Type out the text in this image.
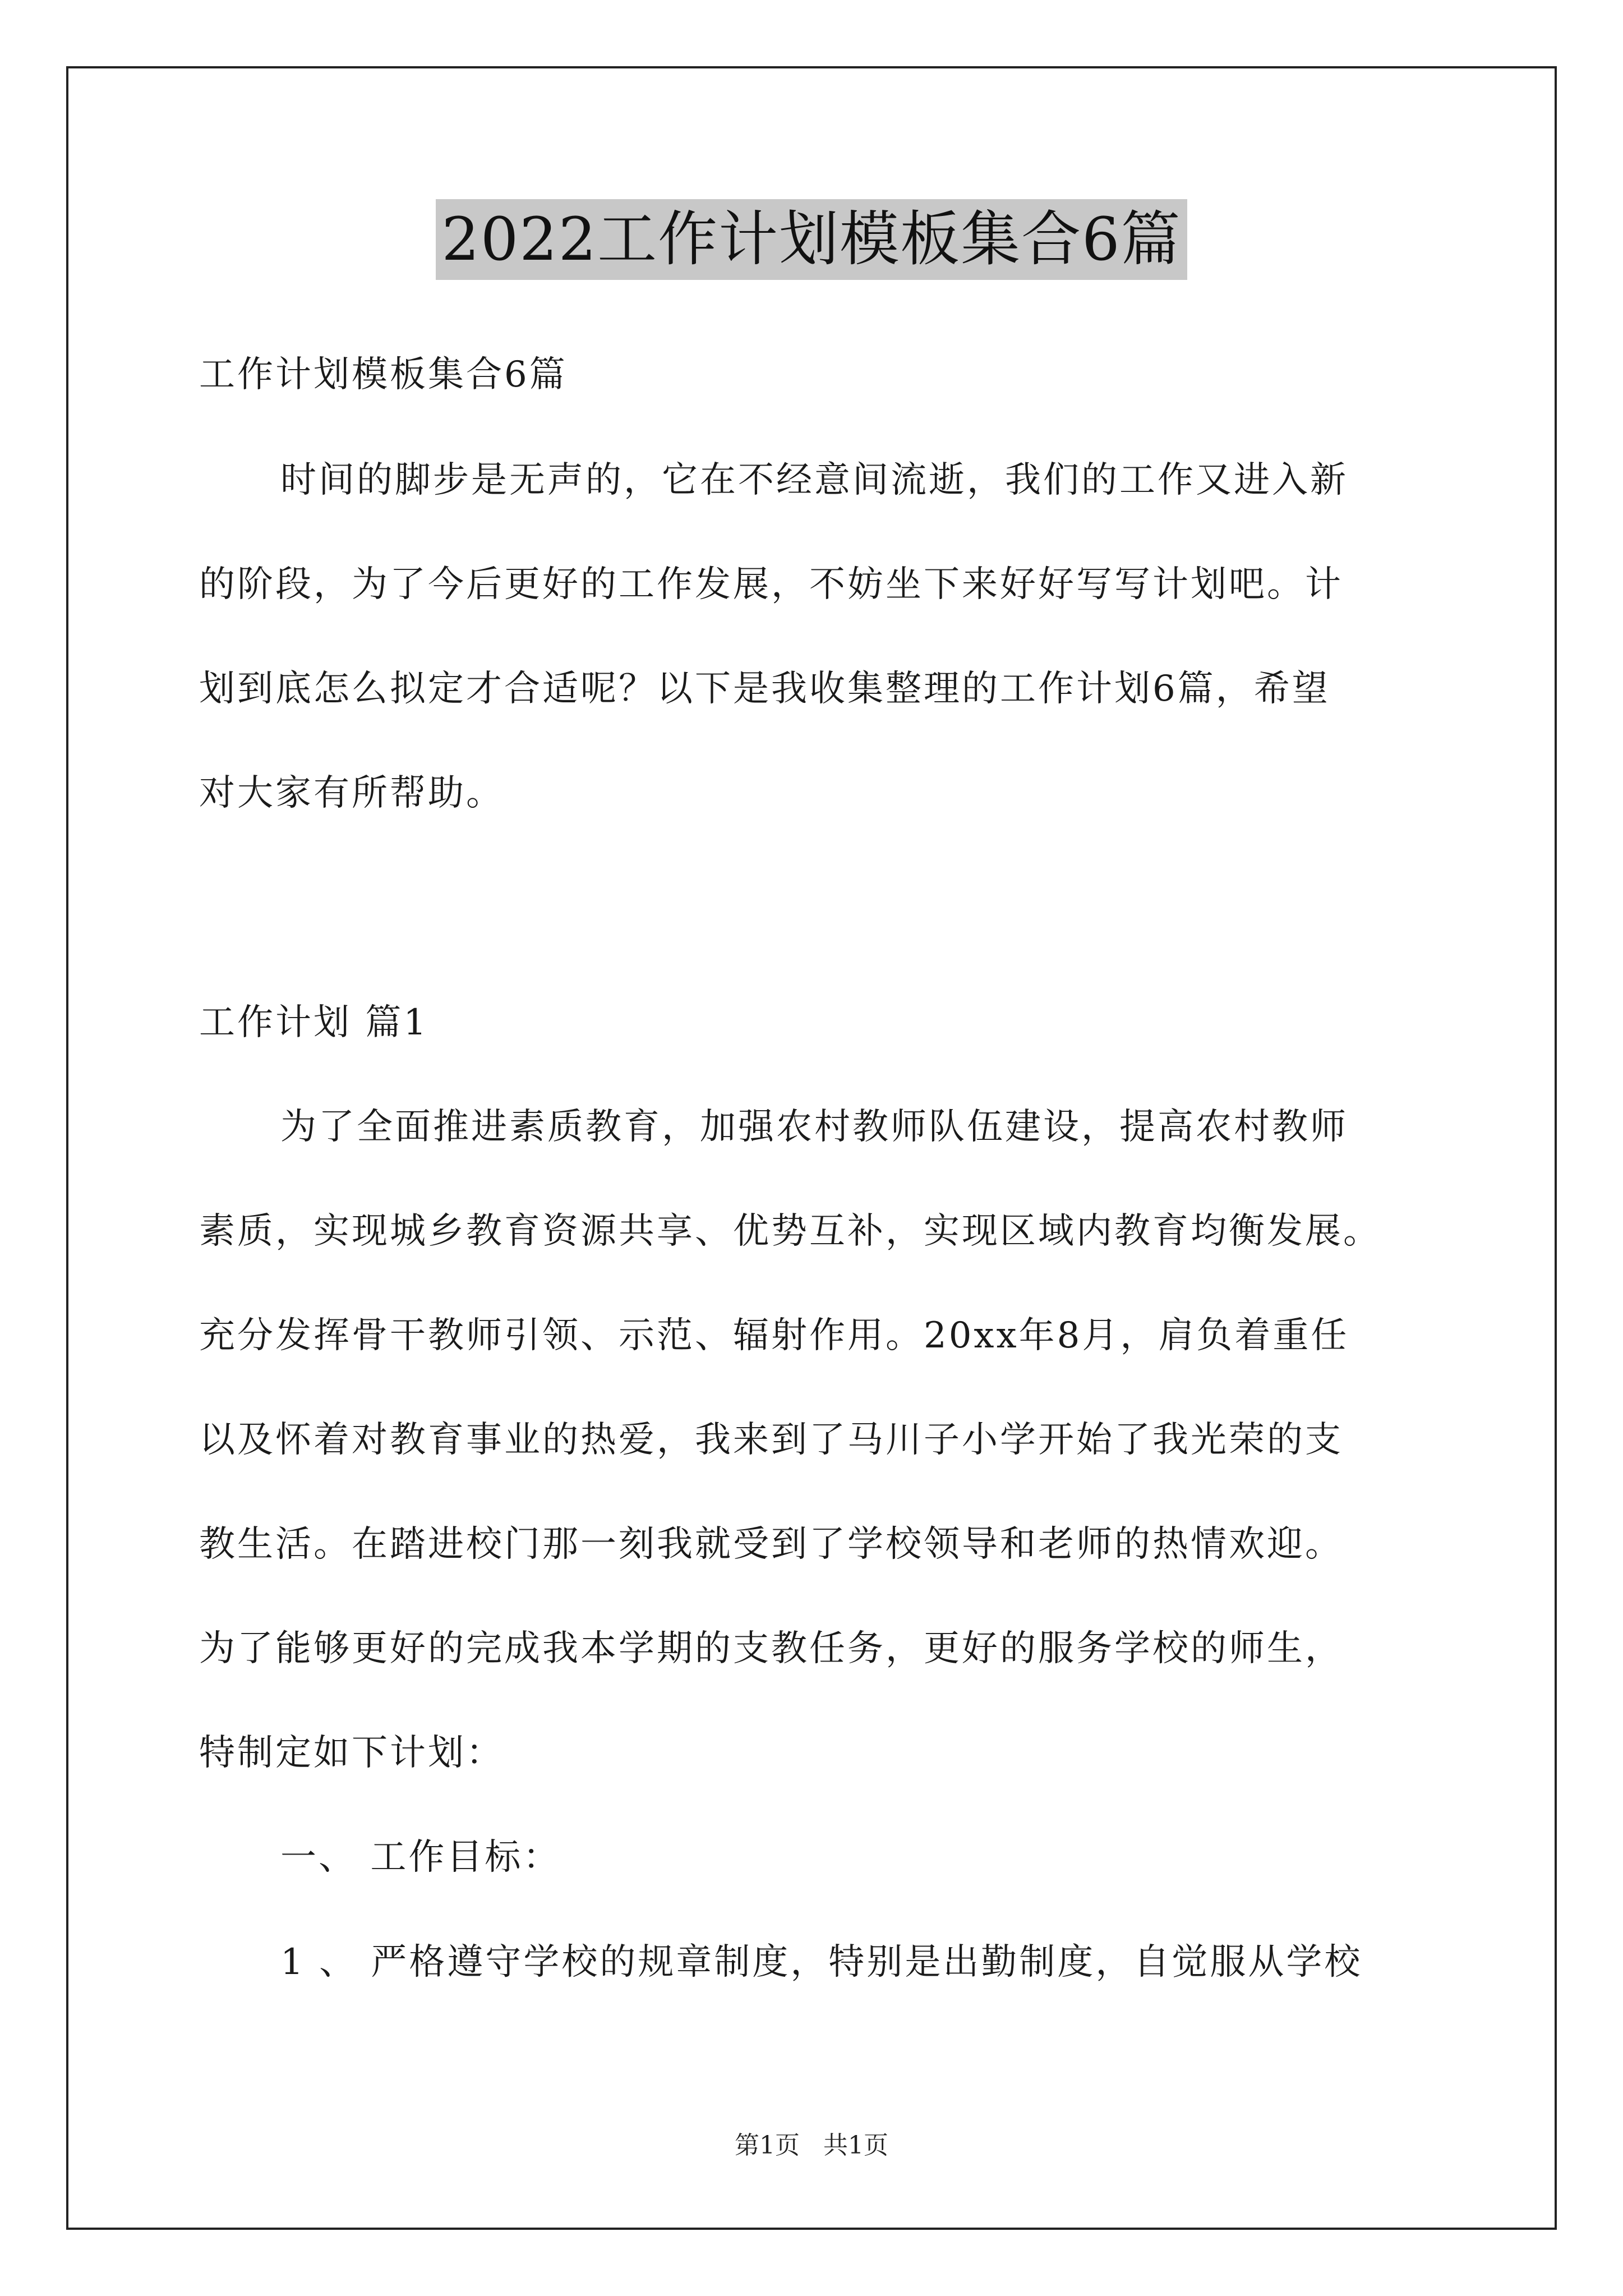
2022工作计划模板集合6篇
工作计划模板集合6篇
时间的脚步是无声的，它在不经意间流逝，我们的工作又进入新
的阶段，为了今后更好的工作发展，不妨坐下来好好写写计划吧。计
划到底怎么拟定才合适呢？以下是我收集整理的工作计划6篇，希望
对大家有所帮助。
工作计划 篇1
为了全面推进素质教育，加强农村教师队伍建设，提高农村教师
素质，实现城乡教育资源共享、优势互补，实现区域内教育均衡发展。
充分发挥骨干教师引领、示范、辐射作用。20xx年8月，肩负着重任
以及怀着对教育事业的热爱，我来到了马川子小学开始了我光荣的支
教生活。在踏进校门那一刻我就受到了学校领导和老师的热情欢迎。
为了能够更好的完成我本学期的支教任务，更好的服务学校的师生，
特制定如下计划：
一、 工作目标：
1 、 严格遵守学校的规章制度，特别是出勤制度，自觉服从学校
第1页 共1页
